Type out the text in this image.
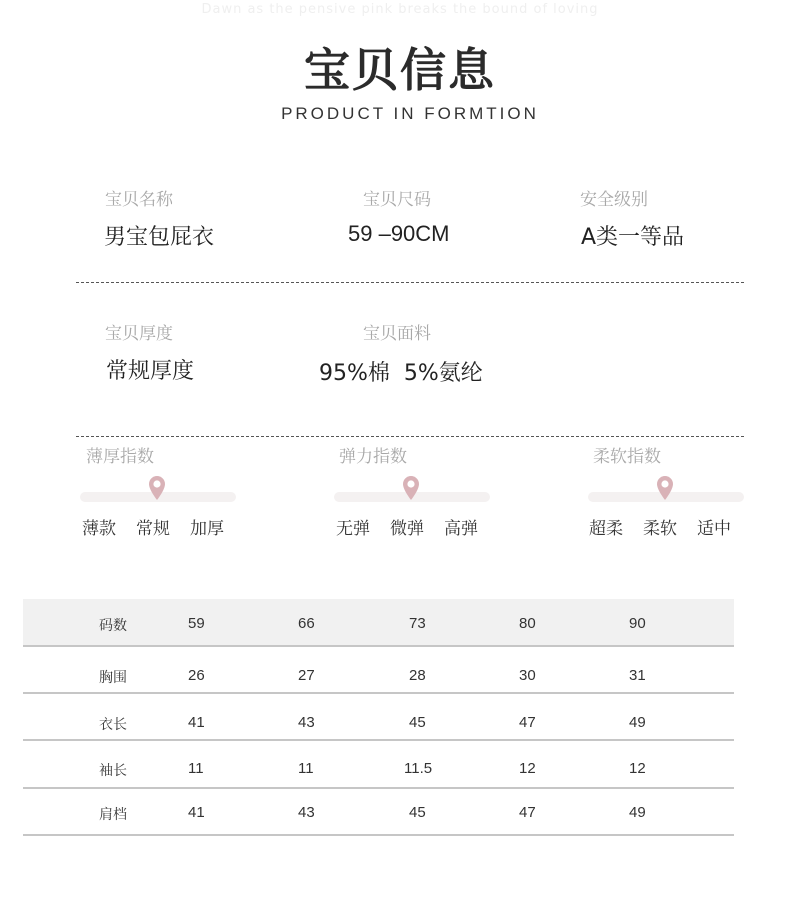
Dawn as the pensive pink breaks the bound of loving
宝贝信息
PRODUCT IN FORMTION
宝贝名称
男宝包屁衣
宝贝尺码
59 –90CM
安全级别
A类一等品
宝贝厚度
常规厚度
宝贝面料
95%棉  5%氨纶
薄厚指数
薄款 常规 加厚
弹力指数
无弹 微弹 高弹
柔软指数
超柔 柔软 适中
码数	59	66	73	80	90
胸围	26	27	28	30	31
衣长	41	43	45	47	49
袖长	11	11	11.5	12	12
肩档	41	43	45	47	49
